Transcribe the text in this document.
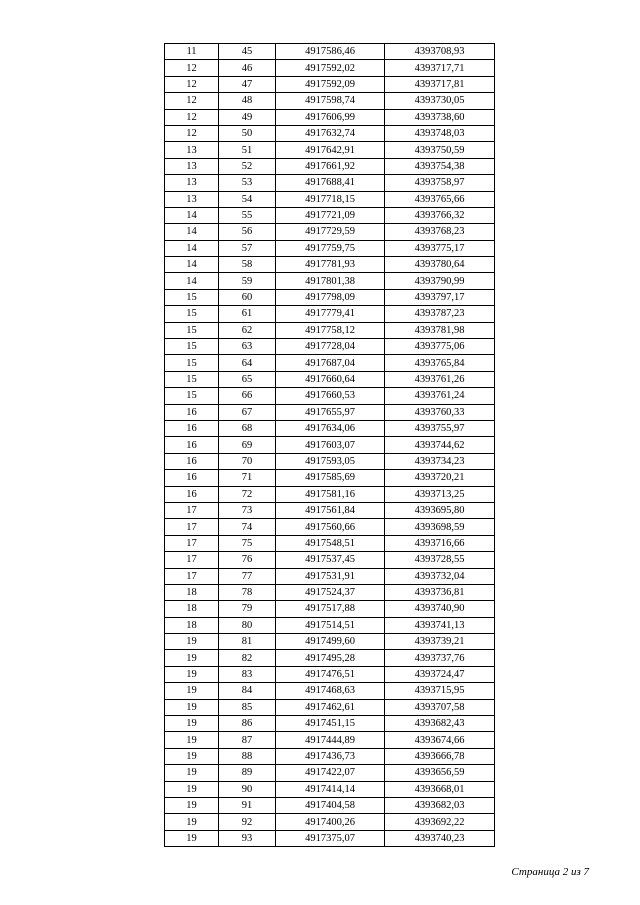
11	45	4917586,46	4393708,93
12	46	4917592,02	4393717,71
12	47	4917592,09	4393717,81
12	48	4917598,74	4393730,05
12	49	4917606,99	4393738,60
12	50	4917632,74	4393748,03
13	51	4917642,91	4393750,59
13	52	4917661,92	4393754,38
13	53	4917688,41	4393758,97
13	54	4917718,15	4393765,66
14	55	4917721,09	4393766,32
14	56	4917729,59	4393768,23
14	57	4917759,75	4393775,17
14	58	4917781,93	4393780,64
14	59	4917801,38	4393790,99
15	60	4917798,09	4393797,17
15	61	4917779,41	4393787,23
15	62	4917758,12	4393781,98
15	63	4917728,04	4393775,06
15	64	4917687,04	4393765,84
15	65	4917660,64	4393761,26
15	66	4917660,53	4393761,24
16	67	4917655,97	4393760,33
16	68	4917634,06	4393755,97
16	69	4917603,07	4393744,62
16	70	4917593,05	4393734,23
16	71	4917585,69	4393720,21
16	72	4917581,16	4393713,25
17	73	4917561,84	4393695,80
17	74	4917560,66	4393698,59
17	75	4917548,51	4393716,66
17	76	4917537,45	4393728,55
17	77	4917531,91	4393732,04
18	78	4917524,37	4393736,81
18	79	4917517,88	4393740,90
18	80	4917514,51	4393741,13
19	81	4917499,60	4393739,21
19	82	4917495,28	4393737,76
19	83	4917476,51	4393724,47
19	84	4917468,63	4393715,95
19	85	4917462,61	4393707,58
19	86	4917451,15	4393682,43
19	87	4917444,89	4393674,66
19	88	4917436,73	4393666,78
19	89	4917422,07	4393656,59
19	90	4917414,14	4393668,01
19	91	4917404,58	4393682,03
19	92	4917400,26	4393692,22
19	93	4917375,07	4393740,23
Страница 2 из 7
